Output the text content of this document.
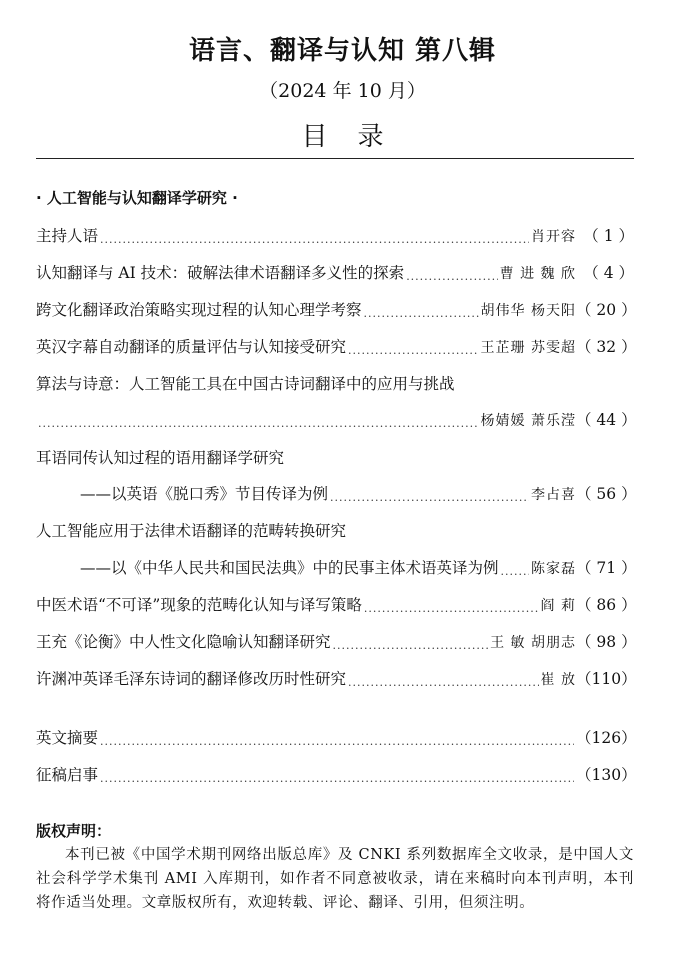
语言、翻译与认知 第八辑
（2024 年 10 月）
目录
· 人工智能与认知翻译学研究 ·
主持人语 .....	肖开容 （ 1 ）
认知翻译与 AI 技术：破解法律术语翻译多义性的探索 .....	曹 进 魏 欣 （ 4 ）
跨文化翻译政治策略实现过程的认知心理学考察 .....	胡伟华 杨天阳 （ 20 ）
英汉字幕自动翻译的质量评估与认知接受研究 .....	王芷珊 苏雯超 （ 32 ）
算法与诗意：人工智能工具在中国古诗词翻译中的应用与挑战
.....
杨婧媛 萧乐滢 （ 44 ）
耳语同传认知过程的语用翻译学研究
——以英语《脱口秀》节目传译为例 .....	李占喜 （ 56 ）
人工智能应用于法律术语翻译的范畴转换研究
——以《中华人民共和国民法典》中的民事主体术语英译为例 ..... 陈家磊 （ 71 ）
中医术语“不可译”现象的范畴化认知与译写策略 .....	阎 莉 （ 86 ）
王充《论衡》中人性文化隐喻认知翻译研究 .....	王 敏 胡朋志 （ 98 ）
许渊冲英译毛泽东诗词的翻译修改历时性研究 .....	崔 放 （110）
英文摘要 .....	（126）
征稿启事 .....	（130）
版权声明：
本刊已被《中国学术期刊网络出版总库》及 CNKI 系列数据库全文收录，是中国人文社会科学学术集刊 AMI 入库期刊，如作者不同意被收录，请在来稿时向本刊声明，本刊将作适当处理。文章版权所有，欢迎转载、评论、翻译、引用，但须注明。
